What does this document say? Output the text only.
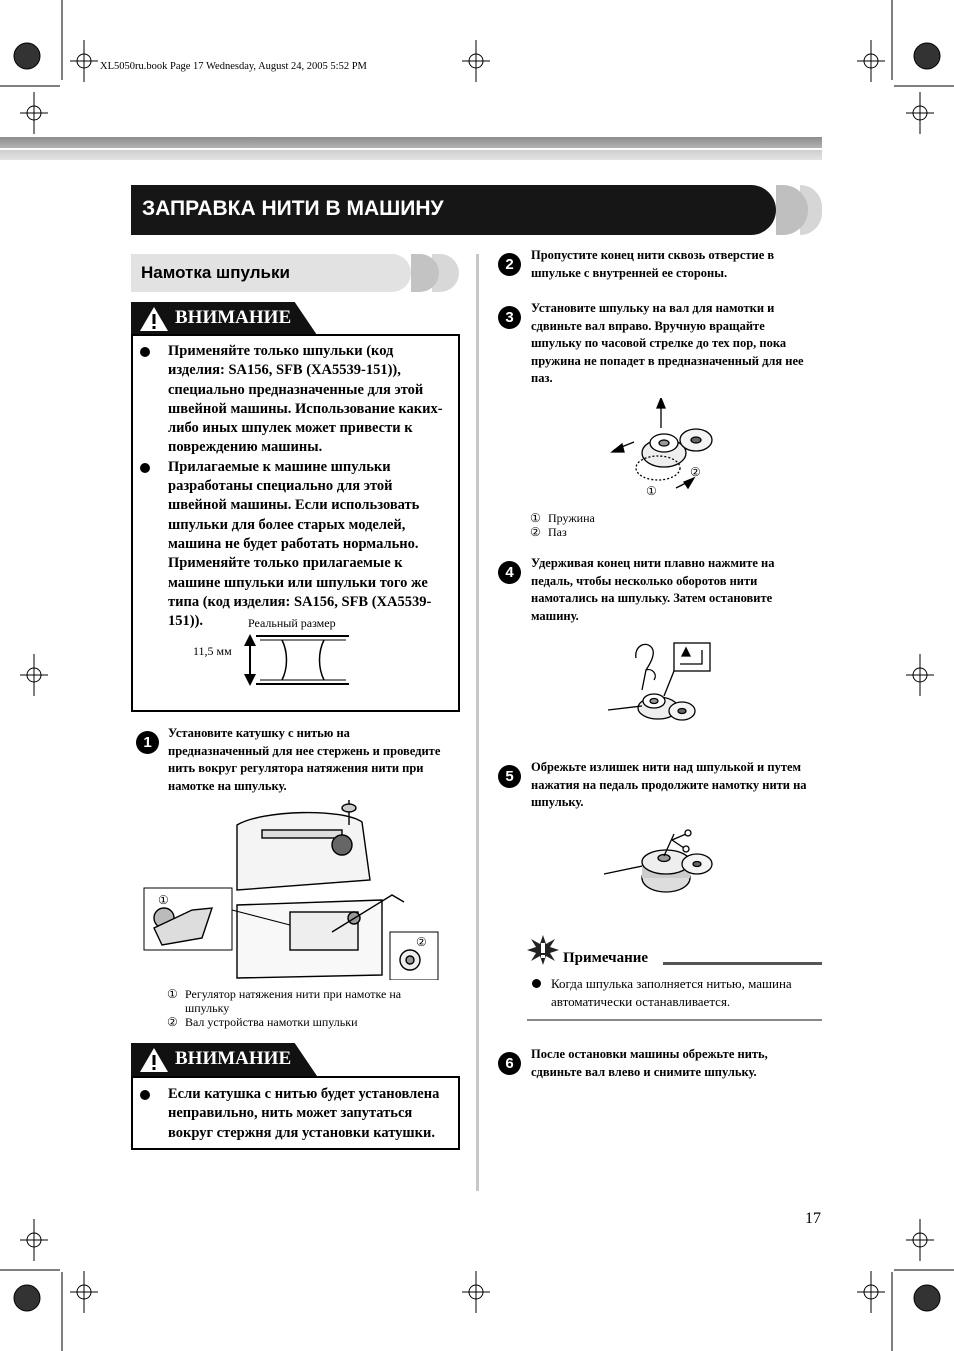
XL5050ru.book Page 17 Wednesday, August 24, 2005 5:52 PM
ЗАПРАВКА НИТИ В МАШИНУ
Намотка шпульки
ВНИМАНИЕ
Применяйте только шпульки (код изделия: SA156, SFB (XA5539-151)), специально предназначенные для этой швейной машины. Использование каких-либо иных шпулек может привести к повреждению машины.
Прилагаемые к машине шпульки разработаны специально для этой швейной машины. Если использовать шпульки для более старых моделей, машина не будет работать нормально. Применяйте только прилагаемые к машине шпульки или шпульки того же типа (код изделия: SA156, SFB (XA5539-151)).	Реальный размер
11,5 мм
1
Установите катушку с нитью на предназначенный для нее стержень и проведите нить вокруг регулятора натяжения нити при намотке на шпульку.
①
②
① Регулятор натяжения нити при намотке на шпульку
② Вал устройства намотки шпульки
ВНИМАНИЕ
Если катушка с нитью будет установлена неправильно, нить может запутаться вокруг стержня для установки катушки.
2
Пропустите конец нити сквозь отверстие в шпульке с внутренней ее стороны.
3
Установите шпульку на вал для намотки и сдвиньте вал вправо. Вручную вращайте шпульку по часовой стрелке до тех пор, пока пружина не попадет в предназначенный для нее паз.
①
②
① Пружина
② Паз
4
Удерживая конец нити плавно нажмите на педаль, чтобы несколько оборотов нити намотались на шпульку. Затем остановите машину.
5
Обрежьте излишек нити над шпулькой и путем нажатия на педаль продолжите намотку нити на шпульку.
Примечание
Когда шпулька заполняется нитью, машина автоматически останавливается.
6
После остановки машины обрежьте нить, сдвиньте вал влево и снимите шпульку.
17
